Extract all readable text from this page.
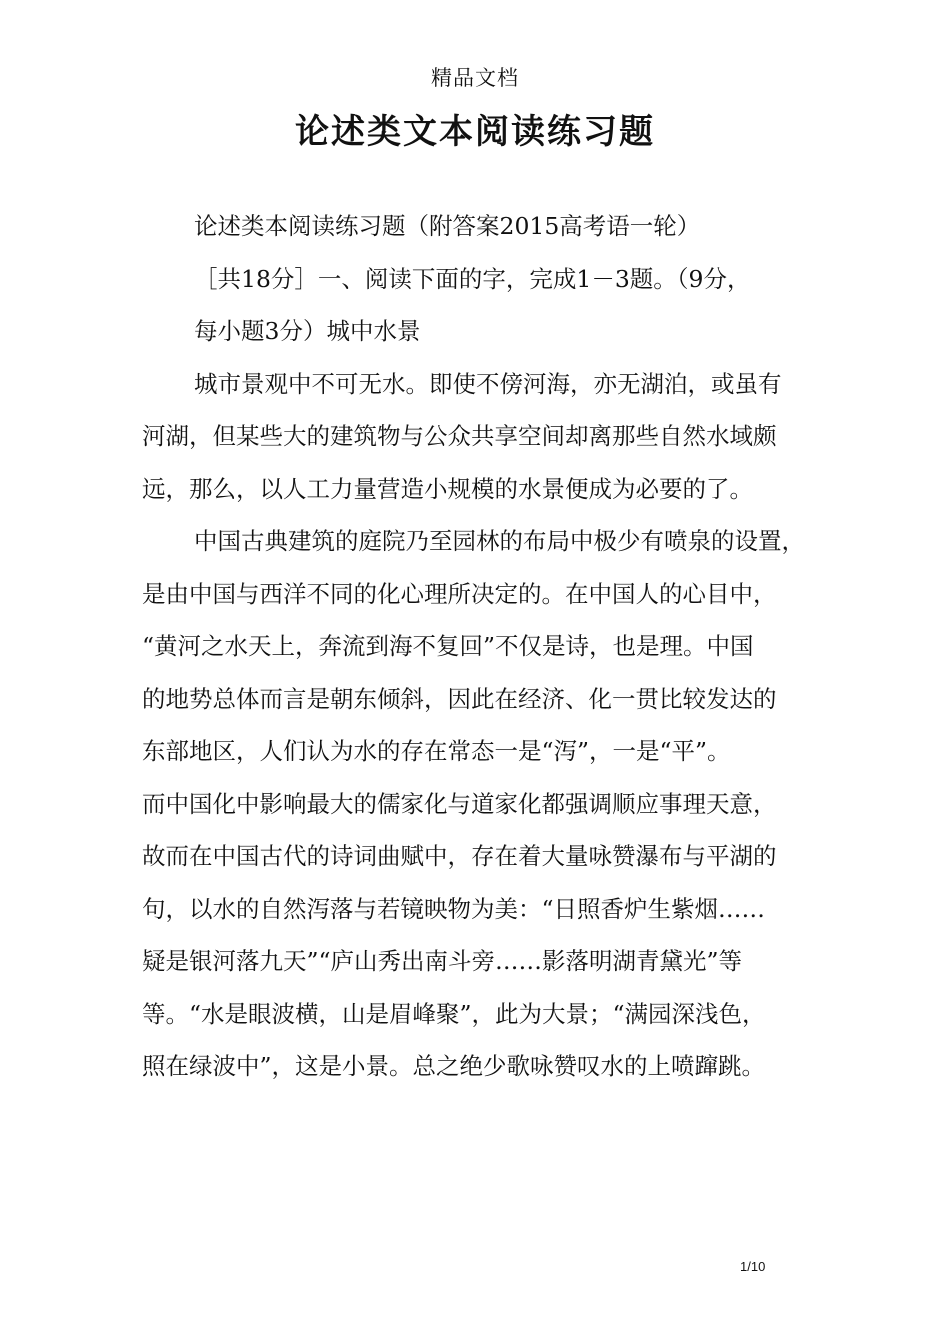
精品文档
论述类文本阅读练习题
论述类本阅读练习题（附答案2015高考语一轮）
［共18分］一、阅读下面的字，完成1－3题。（9分，
每小题3分）城中水景
城市景观中不可无水。即使不傍河海，亦无湖泊，或虽有
河湖，但某些大的建筑物与公众共享空间却离那些自然水域颇
远，那么，以人工力量营造小规模的水景便成为必要的了。
中国古典建筑的庭院乃至园林的布局中极少有喷泉的设置，
是由中国与西洋不同的化心理所决定的。在中国人的心目中，
“黄河之水天上，奔流到海不复回”不仅是诗，也是理。中国
的地势总体而言是朝东倾斜，因此在经济、化一贯比较发达的
东部地区，人们认为水的存在常态一是“泻”，一是“平”。
而中国化中影响最大的儒家化与道家化都强调顺应事理天意，
故而在中国古代的诗词曲赋中，存在着大量咏赞瀑布与平湖的
句，以水的自然泻落与若镜映物为美：“日照香炉生紫烟……
疑是银河落九天”“庐山秀出南斗旁……影落明湖青黛光”等
等。“水是眼波横，山是眉峰聚”，此为大景；“满园深浅色，
照在绿波中”，这是小景。总之绝少歌咏赞叹水的上喷蹿跳。
1/10
